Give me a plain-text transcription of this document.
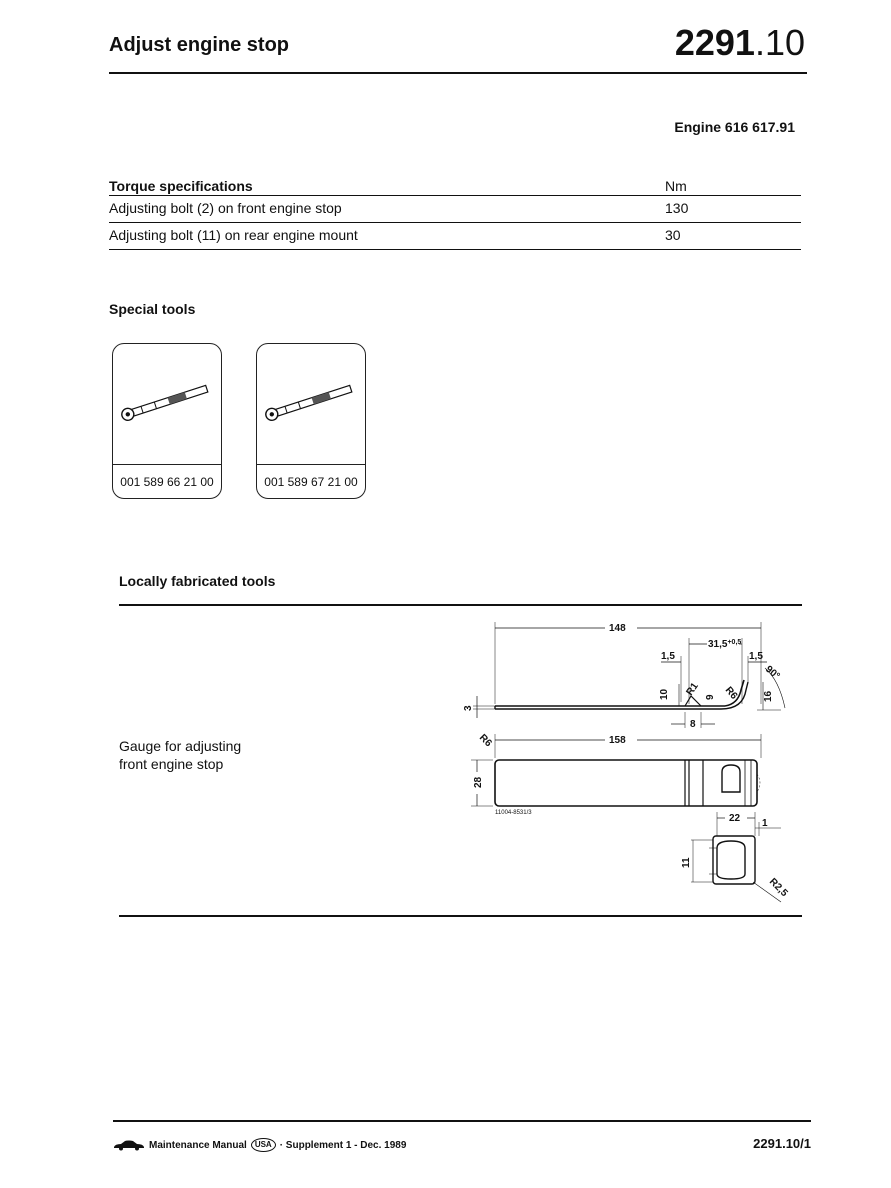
Adjust engine stop	2291.10
Engine 616 617.91
Torque specifications	Nm
Adjusting bolt (2) on front engine stop	130
Adjusting bolt (11) on rear engine mount	30
Special tools
001 589 66 21 00	001 589 67 21 00
Locally fabricated tools
Gauge for adjusting
front engine stop
148
$31,5^{+0,5}$
1,5	1,5
90°
10 R1 9 R6 16
3
8
R6	158
28
11004-8531/3	22 1
11
R2,5
Maintenance Manual	USA · Supplement 1 - Dec. 1989	2291.10/1
